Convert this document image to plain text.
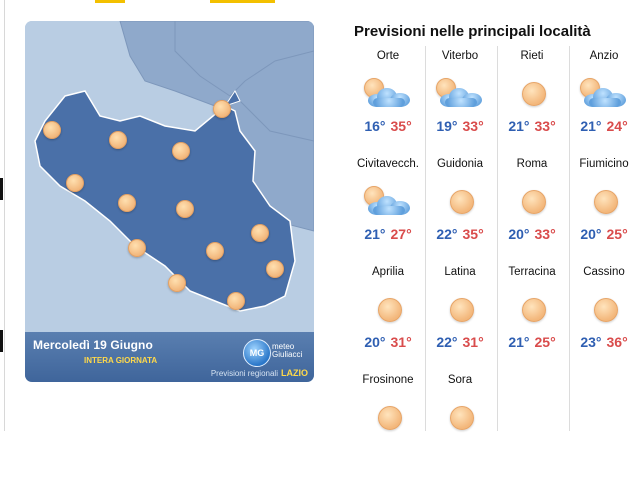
Mercoledì 19 Giugno
INTERA GIORNATA
MG
meteo
Giuliacci
Previsioni regionali LAZIO
Previsioni nelle principali località
Orte
16° 35°
Viterbo
19° 33°
Rieti
21° 33°
Anzio
21° 24°
Civitavecch.
21° 27°
Guidonia
22° 35°
Roma
20° 33°
Fiumicino
20° 25°
Aprilia
20° 31°
Latina
22° 31°
Terracina
21° 25°
Cassino
23° 36°
Frosinone	Sora
